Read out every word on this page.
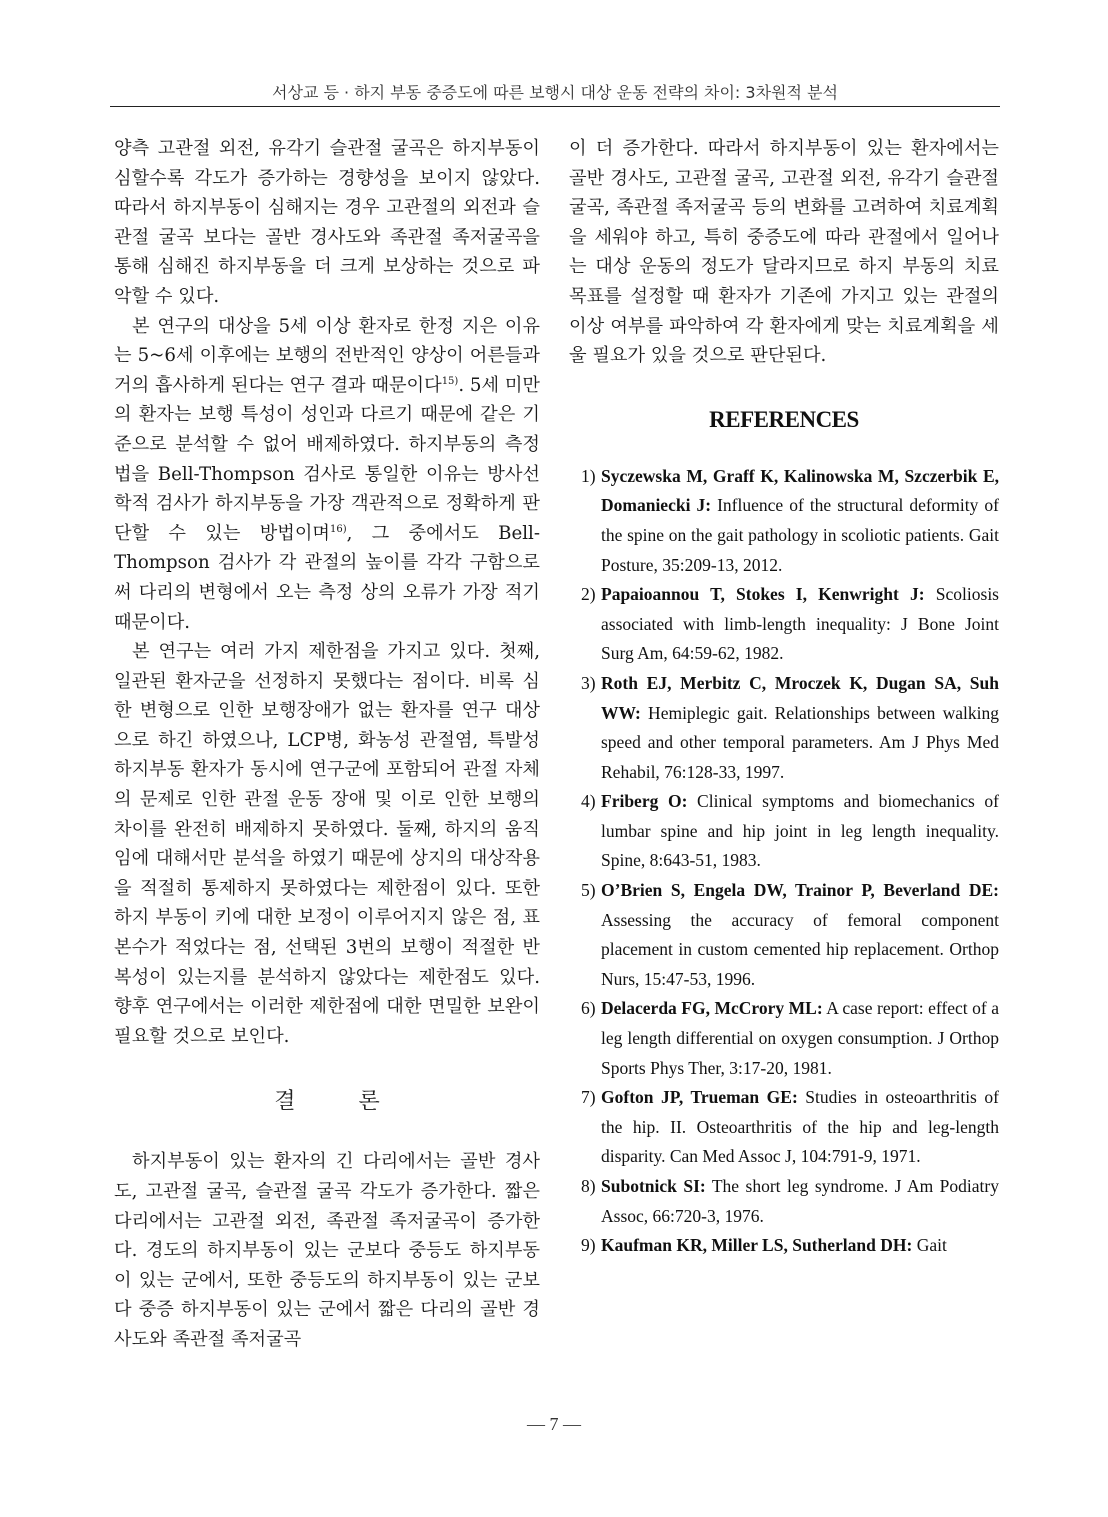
서상교 등 · 하지 부동 중증도에 따른 보행시 대상 운동 전략의 차이: 3차원적 분석

양측 고관절 외전, 유각기 슬관절 굴곡은 하지부동이 심할수록 각도가 증가하는 경향성을 보이지 않았다. 따라서 하지부동이 심해지는 경우 고관절의 외전과 슬관절 굴곡 보다는 골반 경사도와 족관절 족저굴곡을 통해 심해진 하지부동을 더 크게 보상하는 것으로 파악할 수 있다.

본 연구의 대상을 5세 이상 환자로 한정 지은 이유는 5~6세 이후에는 보행의 전반적인 양상이 어른들과 거의 흡사하게 된다는 연구 결과 때문이다$^{15)}$. 5세 미만의 환자는 보행 특성이 성인과 다르기 때문에 같은 기준으로 분석할 수 없어 배제하였다. 하지부동의 측정법을 Bell-Thompson 검사로 통일한 이유는 방사선학적 검사가 하지부동을 가장 객관적으로 정확하게 판단할 수 있는 방법이며$^{16)}$, 그 중에서도 Bell-Thompson 검사가 각 관절의 높이를 각각 구함으로써 다리의 변형에서 오는 측정 상의 오류가 가장 적기 때문이다.

본 연구는 여러 가지 제한점을 가지고 있다. 첫째, 일관된 환자군을 선정하지 못했다는 점이다. 비록 심한 변형으로 인한 보행장애가 없는 환자를 연구 대상으로 하긴 하였으나, LCP병, 화농성 관절염, 특발성 하지부동 환자가 동시에 연구군에 포함되어 관절 자체의 문제로 인한 관절 운동 장애 및 이로 인한 보행의 차이를 완전히 배제하지 못하였다. 둘째, 하지의 움직임에 대해서만 분석을 하였기 때문에 상지의 대상작용을 적절히 통제하지 못하였다는 제한점이 있다. 또한 하지 부동이 키에 대한 보정이 이루어지지 않은 점, 표본수가 적었다는 점, 선택된 3번의 보행이 적절한 반복성이 있는지를 분석하지 않았다는 제한점도 있다. 향후 연구에서는 이러한 제한점에 대한 면밀한 보완이 필요할 것으로 보인다.

결 론

하지부동이 있는 환자의 긴 다리에서는 골반 경사도, 고관절 굴곡, 슬관절 굴곡 각도가 증가한다. 짧은 다리에서는 고관절 외전, 족관절 족저굴곡이 증가한다. 경도의 하지부동이 있는 군보다 중등도 하지부동이 있는 군에서, 또한 중등도의 하지부동이 있는 군보다 중증 하지부동이 있는 군에서 짧은 다리의 골반 경사도와 족관절 족저굴곡

이 더 증가한다. 따라서 하지부동이 있는 환자에서는 골반 경사도, 고관절 굴곡, 고관절 외전, 유각기 슬관절 굴곡, 족관절 족저굴곡 등의 변화를 고려하여 치료계획을 세워야 하고, 특히 중증도에 따라 관절에서 일어나는 대상 운동의 정도가 달라지므로 하지 부동의 치료 목표를 설정할 때 환자가 기존에 가지고 있는 관절의 이상 여부를 파악하여 각 환자에게 맞는 치료계획을 세울 필요가 있을 것으로 판단된다.

REFERENCES
1) Syczewska M, Graff K, Kalinowska M, Szczerbik E, Domaniecki J: Influence of the structural deformity of the spine on the gait pathology in scoliotic patients. Gait Posture, 35:209-13, 2012.
2) Papaioannou T, Stokes I, Kenwright J: Scoliosis associated with limb-length inequality: J Bone Joint Surg Am, 64:59-62, 1982.
3) Roth EJ, Merbitz C, Mroczek K, Dugan SA, Suh WW: Hemiplegic gait. Relationships between walking speed and other temporal parameters. Am J Phys Med Rehabil, 76:128-33, 1997.
4) Friberg O: Clinical symptoms and biomechanics of lumbar spine and hip joint in leg length inequality. Spine, 8:643-51, 1983.
5) O’Brien S, Engela DW, Trainor P, Beverland DE: Assessing the accuracy of femoral component placement in custom cemented hip replacement. Orthop Nurs, 15:47-53, 1996.
6) Delacerda FG, McCrory ML: A case report: effect of a leg length differential on oxygen consumption. J Orthop Sports Phys Ther, 3:17-20, 1981.
7) Gofton JP, Trueman GE: Studies in osteoarthritis of the hip. II. Osteoarthritis of the hip and leg-length disparity. Can Med Assoc J, 104:791-9, 1971.
8) Subotnick SI: The short leg syndrome. J Am Podiatry Assoc, 66:720-3, 1976.
9) Kaufman KR, Miller LS, Sutherland DH: Gait
— 7 —
